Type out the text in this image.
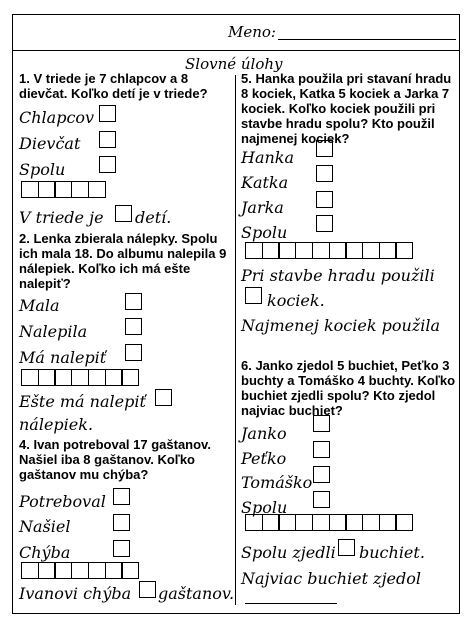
Meno:
Slovné úlohy
1. V triede je 7 chlapcov a 8 dievčat. Koľko detí je v triede?
Chlapcov
Dievčat
Spolu
V triede je detí.
2. Lenka zbierala nálepky. Spolu ich mala 18. Do albumu nalepila 9 nálepiek. Koľko ich má ešte nalepiť?
Mala
Nalepila
Má nalepiť
Ešte má nalepiť
nálepiek.
4. Ivan potreboval 17 gaštanov. Našiel iba 8 gaštanov. Koľko gaštanov mu chýba?
Potreboval
Našiel
Chýba
Ivanovi chýba gaštanov.
5. Hanka použila pri stavaní hradu 8 kociek, Katka 5 kociek a Jarka 7 kociek. Koľko kociek použili pri stavbe hradu spolu? Kto použil najmenej kociek?
Hanka
Katka
Jarka
Spolu
Pri stavbe hradu použili
kociek.
Najmenej kociek použila
6. Janko zjedol 5 buchiet, Peťko 3 buchty a Tomáško 4 buchty. Koľko buchiet zjedli spolu? Kto zjedol najviac buchiet?
Janko
Peťko
Tomáško
Spolu
Spolu zjedli buchiet.
Najviac buchiet zjedol
